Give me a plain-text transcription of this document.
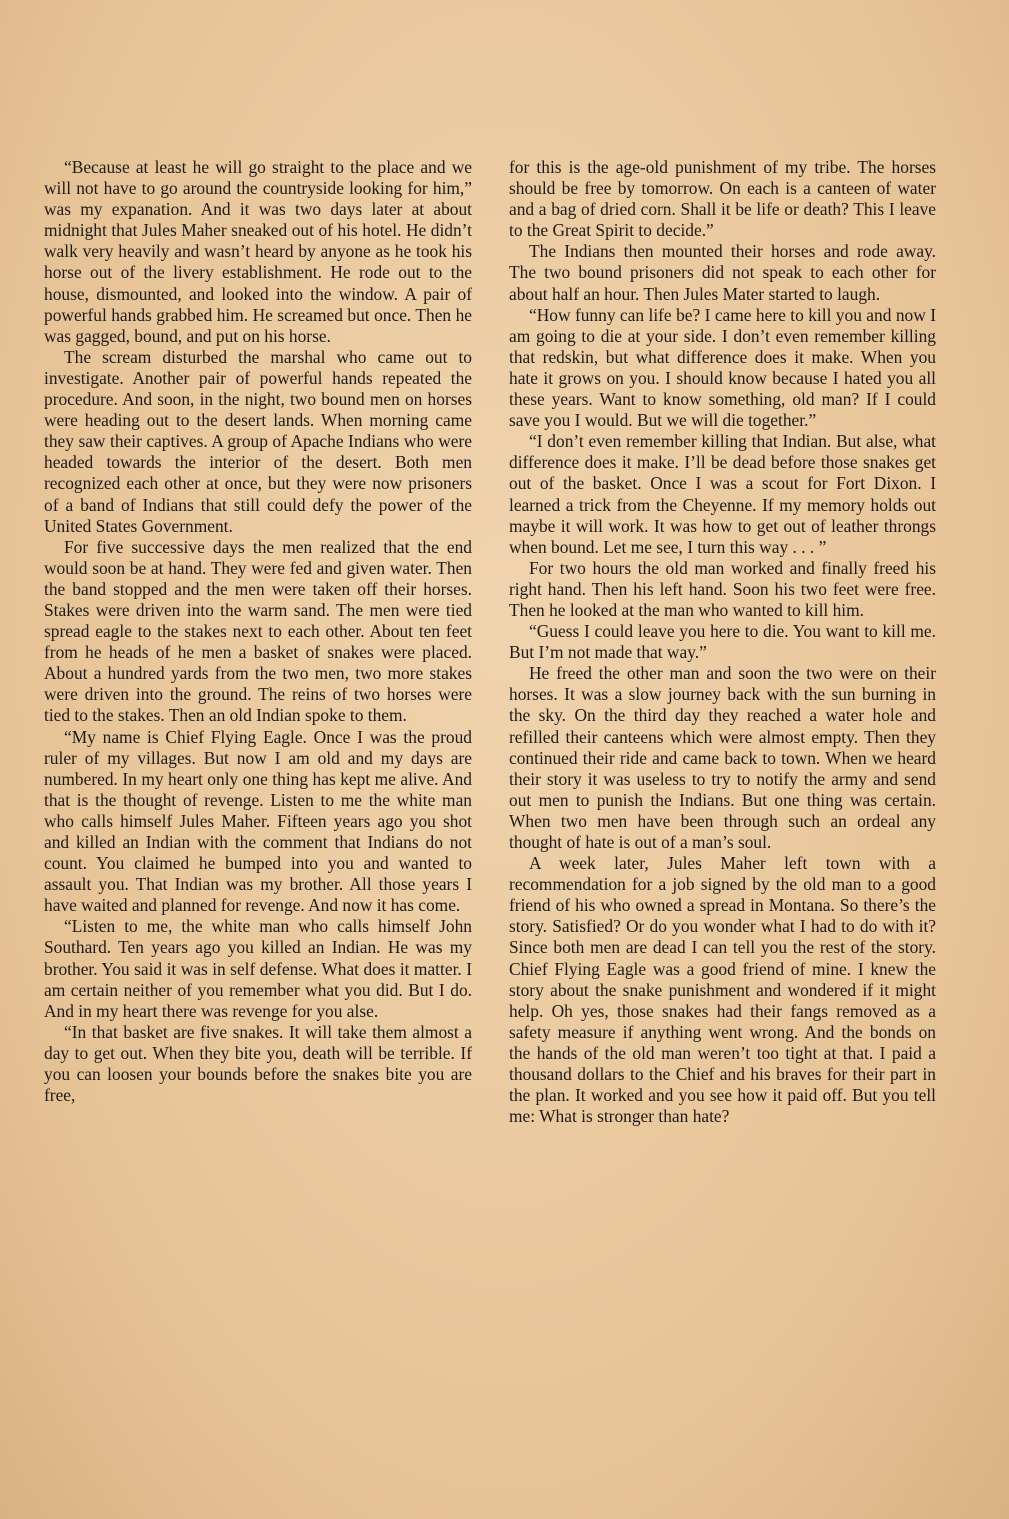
“Because at least he will go straight to the place and we will not have to go around the countryside looking for him,” was my expanation. And it was two days later at about midnight that Jules Maher sneaked out of his hotel. He didn’t walk very heavily and wasn’t heard by anyone as he took his horse out of the livery establishment. He rode out to the house, dismounted, and looked into the window. A pair of powerful hands grabbed him. He screamed but once. Then he was gagged, bound, and put on his horse.

The scream disturbed the marshal who came out to investigate. Another pair of powerful hands repeated the procedure. And soon, in the night, two bound men on horses were heading out to the desert lands. When morning came they saw their captives. A group of Apache Indians who were headed towards the interior of the desert. Both men recognized each other at once, but they were now prisoners of a band of Indians that still could defy the power of the United States Government.

For five successive days the men realized that the end would soon be at hand. They were fed and given water. Then the band stopped and the men were taken off their horses. Stakes were driven into the warm sand. The men were tied spread eagle to the stakes next to each other. About ten feet from he heads of he men a basket of snakes were placed. About a hundred yards from the two men, two more stakes were driven into the ground. The reins of two horses were tied to the stakes. Then an old Indian spoke to them.

“My name is Chief Flying Eagle. Once I was the proud ruler of my villages. But now I am old and my days are numbered. In my heart only one thing has kept me alive. And that is the thought of revenge. Listen to me the white man who calls himself Jules Maher. Fifteen years ago you shot and killed an Indian with the comment that Indians do not count. You claimed he bumped into you and wanted to assault you. That Indian was my brother. All those years I have waited and planned for revenge. And now it has come.

“Listen to me, the white man who calls himself John Southard. Ten years ago you killed an Indian. He was my brother. You said it was in self defense. What does it matter. I am certain neither of you remember what you did. But I do. And in my heart there was revenge for you alse.

“In that basket are five snakes. It will take them almost a day to get out. When they bite you, death will be terrible. If you can loosen your bounds before the snakes bite you are free,

for this is the age-old punishment of my tribe. The horses should be free by tomorrow. On each is a canteen of water and a bag of dried corn. Shall it be life or death? This I leave to the Great Spirit to decide.”

The Indians then mounted their horses and rode away. The two bound prisoners did not speak to each other for about half an hour. Then Jules Mater started to laugh.

“How funny can life be? I came here to kill you and now I am going to die at your side. I don’t even remember killing that redskin, but what difference does it make. When you hate it grows on you. I should know because I hated you all these years. Want to know something, old man? If I could save you I would. But we will die together.”

“I don’t even remember killing that Indian. But alse, what difference does it make. I’ll be dead before those snakes get out of the basket. Once I was a scout for Fort Dixon. I learned a trick from the Cheyenne. If my memory holds out maybe it will work. It was how to get out of leather throngs when bound. Let me see, I turn this way . . . ”

For two hours the old man worked and finally freed his right hand. Then his left hand. Soon his two feet were free. Then he looked at the man who wanted to kill him.

“Guess I could leave you here to die. You want to kill me. But I’m not made that way.”

He freed the other man and soon the two were on their horses. It was a slow journey back with the sun burning in the sky. On the third day they reached a water hole and refilled their canteens which were almost empty. Then they continued their ride and came back to town. When we heard their story it was useless to try to notify the army and send out men to punish the Indians. But one thing was certain. When two men have been through such an ordeal any thought of hate is out of a man’s soul.

A week later, Jules Maher left town with a recommendation for a job signed by the old man to a good friend of his who owned a spread in Montana. So there’s the story. Satisfied? Or do you wonder what I had to do with it? Since both men are dead I can tell you the rest of the story. Chief Flying Eagle was a good friend of mine. I knew the story about the snake punishment and wondered if it might help. Oh yes, those snakes had their fangs removed as a safety measure if anything went wrong. And the bonds on the hands of the old man weren’t too tight at that. I paid a thousand dollars to the Chief and his braves for their part in the plan. It worked and you see how it paid off. But you tell me: What is stronger than hate?
